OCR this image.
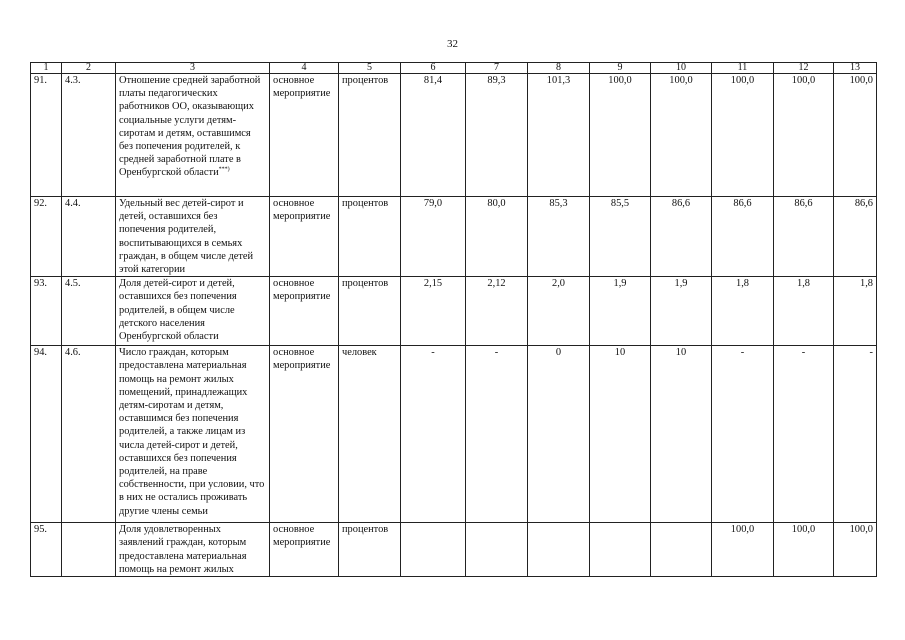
32
1	2	3	4	5	6	7	8	9	10	11	12	13
91.	4.3.	Отношение средней заработной платы педагогических работников ОО, оказывающих социальные услуги детям-сиротам и детям, оставшимся без попечения родителей, к средней заработной плате в Оренбургской области***)	основное мероприятие	процентов	81,4	89,3	101,3	100,0	100,0	100,0	100,0	100,0
92.	4.4.	Удельный вес детей-сирот и детей, оставшихся без попечения родителей, воспитывающихся в семьях граждан, в общем числе детей этой категории	основное мероприятие	процентов	79,0	80,0	85,3	85,5	86,6	86,6	86,6	86,6
93.	4.5.	Доля детей-сирот и детей, оставшихся без попечения родителей, в общем числе детского населения Оренбургской области	основное мероприятие	процентов	2,15	2,12	2,0	1,9	1,9	1,8	1,8	1,8
94.	4.6.	Число граждан, которым предоставлена материальная помощь на ремонт жилых помещений, принадлежащих детям-сиротам и детям, оставшимся без попечения родителей, а также лицам из числа детей-сирот и детей, оставшихся без попечения родителей, на праве собственности, при условии, что в них не остались проживать другие члены семьи	основное мероприятие	человек	-	-	0	10	10	-	-	-
95.		Доля удовлетворенных заявлений граждан, которым предоставлена материальная помощь на ремонт жилых	основное мероприятие	процентов						100,0	100,0	100,0
